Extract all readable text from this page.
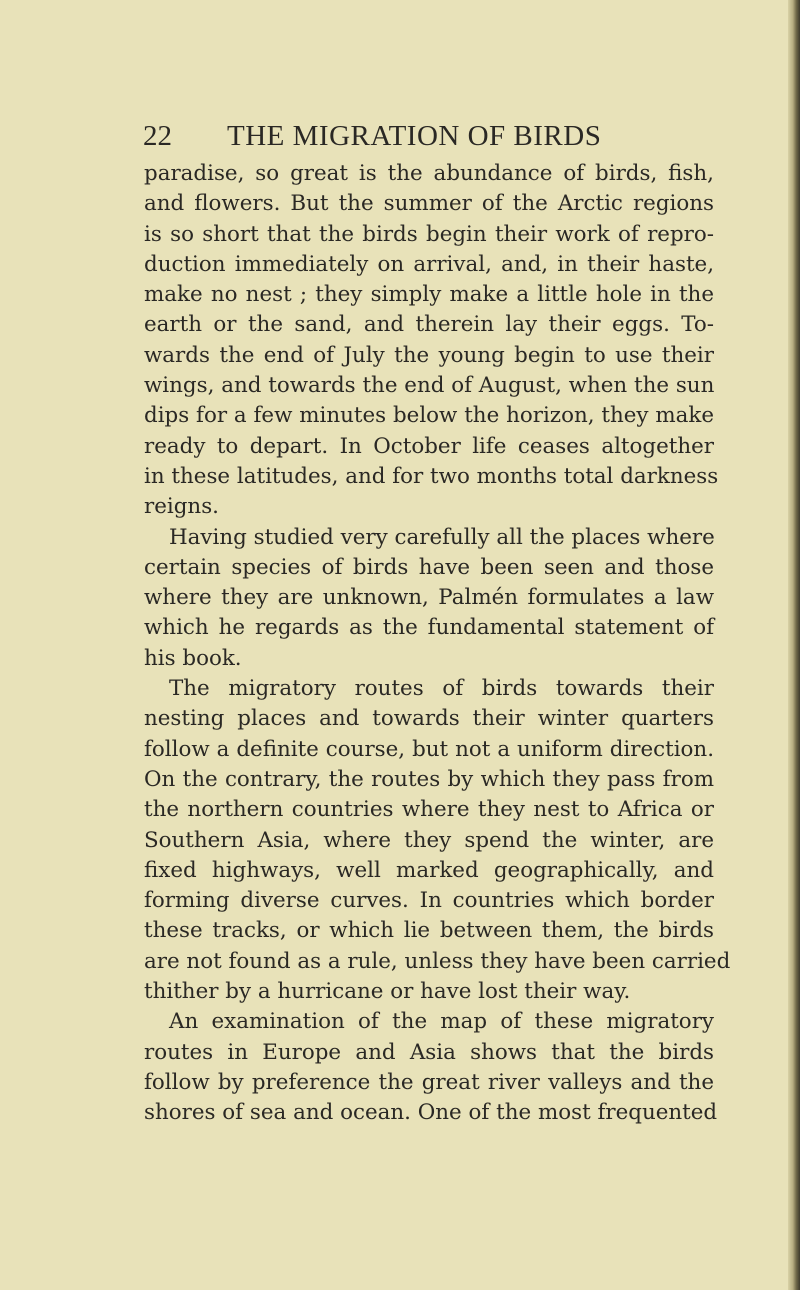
22 THE MIGRATION OF BIRDS
paradise, so great is the abundance of birds, fish,
and flowers. But the summer of the Arctic regions
is so short that the birds begin their work of repro-
duction immediately on arrival, and, in their haste,
make no nest ; they simply make a little hole in the
earth or the sand, and therein lay their eggs. To-
wards the end of July the young begin to use their
wings, and towards the end of August, when the sun
dips for a few minutes below the horizon, they make
ready to depart. In October life ceases altogether
in these latitudes, and for two months total darkness
reigns.
Having studied very carefully all the places where
certain species of birds have been seen and those
where they are unknown, Palmén formulates a law
which he regards as the fundamental statement of
his book.
The migratory routes of birds towards their
nesting places and towards their winter quarters
follow a definite course, but not a uniform direction.
On the contrary, the routes by which they pass from
the northern countries where they nest to Africa or
Southern Asia, where they spend the winter, are
fixed highways, well marked geographically, and
forming diverse curves. In countries which border
these tracks, or which lie between them, the birds
are not found as a rule, unless they have been carried
thither by a hurricane or have lost their way.
An examination of the map of these migratory
routes in Europe and Asia shows that the birds
follow by preference the great river valleys and the
shores of sea and ocean. One of the most frequented
